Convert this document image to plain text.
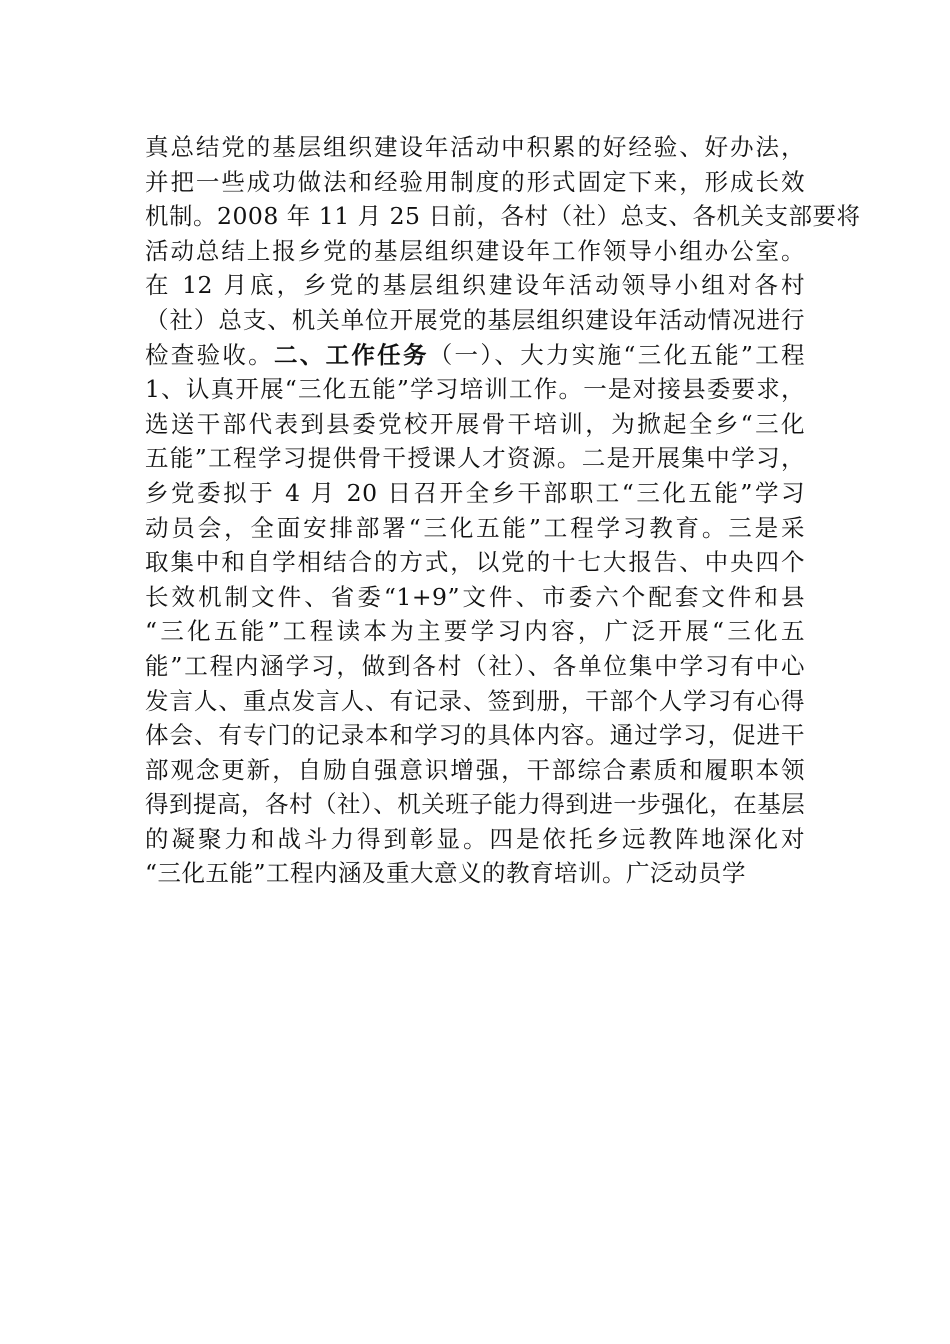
真总结党的基层组织建设年活动中积累的好经验、好办法，
并把一些成功做法和经验用制度的形式固定下来，形成长效
机制。2008 年 11 月 25 日前，各村（社）总支、各机关支部要将
活动总结上报乡党的基层组织建设年工作领导小组办公室。
在 12 月底，乡党的基层组织建设年活动领导小组对各村
（社）总支、机关单位开展党的基层组织建设年活动情况进行
检查验收。二、工作任务（一）、大力实施“三化五能”工程
1、认真开展“三化五能”学习培训工作。一是对接县委要求，
选送干部代表到县委党校开展骨干培训，为掀起全乡“三化
五能”工程学习提供骨干授课人才资源。二是开展集中学习，
乡党委拟于 4 月 20 日召开全乡干部职工“三化五能”学习
动员会，全面安排部署“三化五能”工程学习教育。三是采
取集中和自学相结合的方式，以党的十七大报告、中央四个
长效机制文件、省委“1+9”文件、市委六个配套文件和县
“三化五能”工程读本为主要学习内容，广泛开展“三化五
能”工程内涵学习，做到各村（社）、各单位集中学习有中心
发言人、重点发言人、有记录、签到册，干部个人学习有心得
体会、有专门的记录本和学习的具体内容。通过学习，促进干
部观念更新，自励自强意识增强，干部综合素质和履职本领
得到提高，各村（社）、机关班子能力得到进一步强化，在基层
的凝聚力和战斗力得到彰显。四是依托乡远教阵地深化对
“三化五能”工程内涵及重大意义的教育培训。广泛动员学
